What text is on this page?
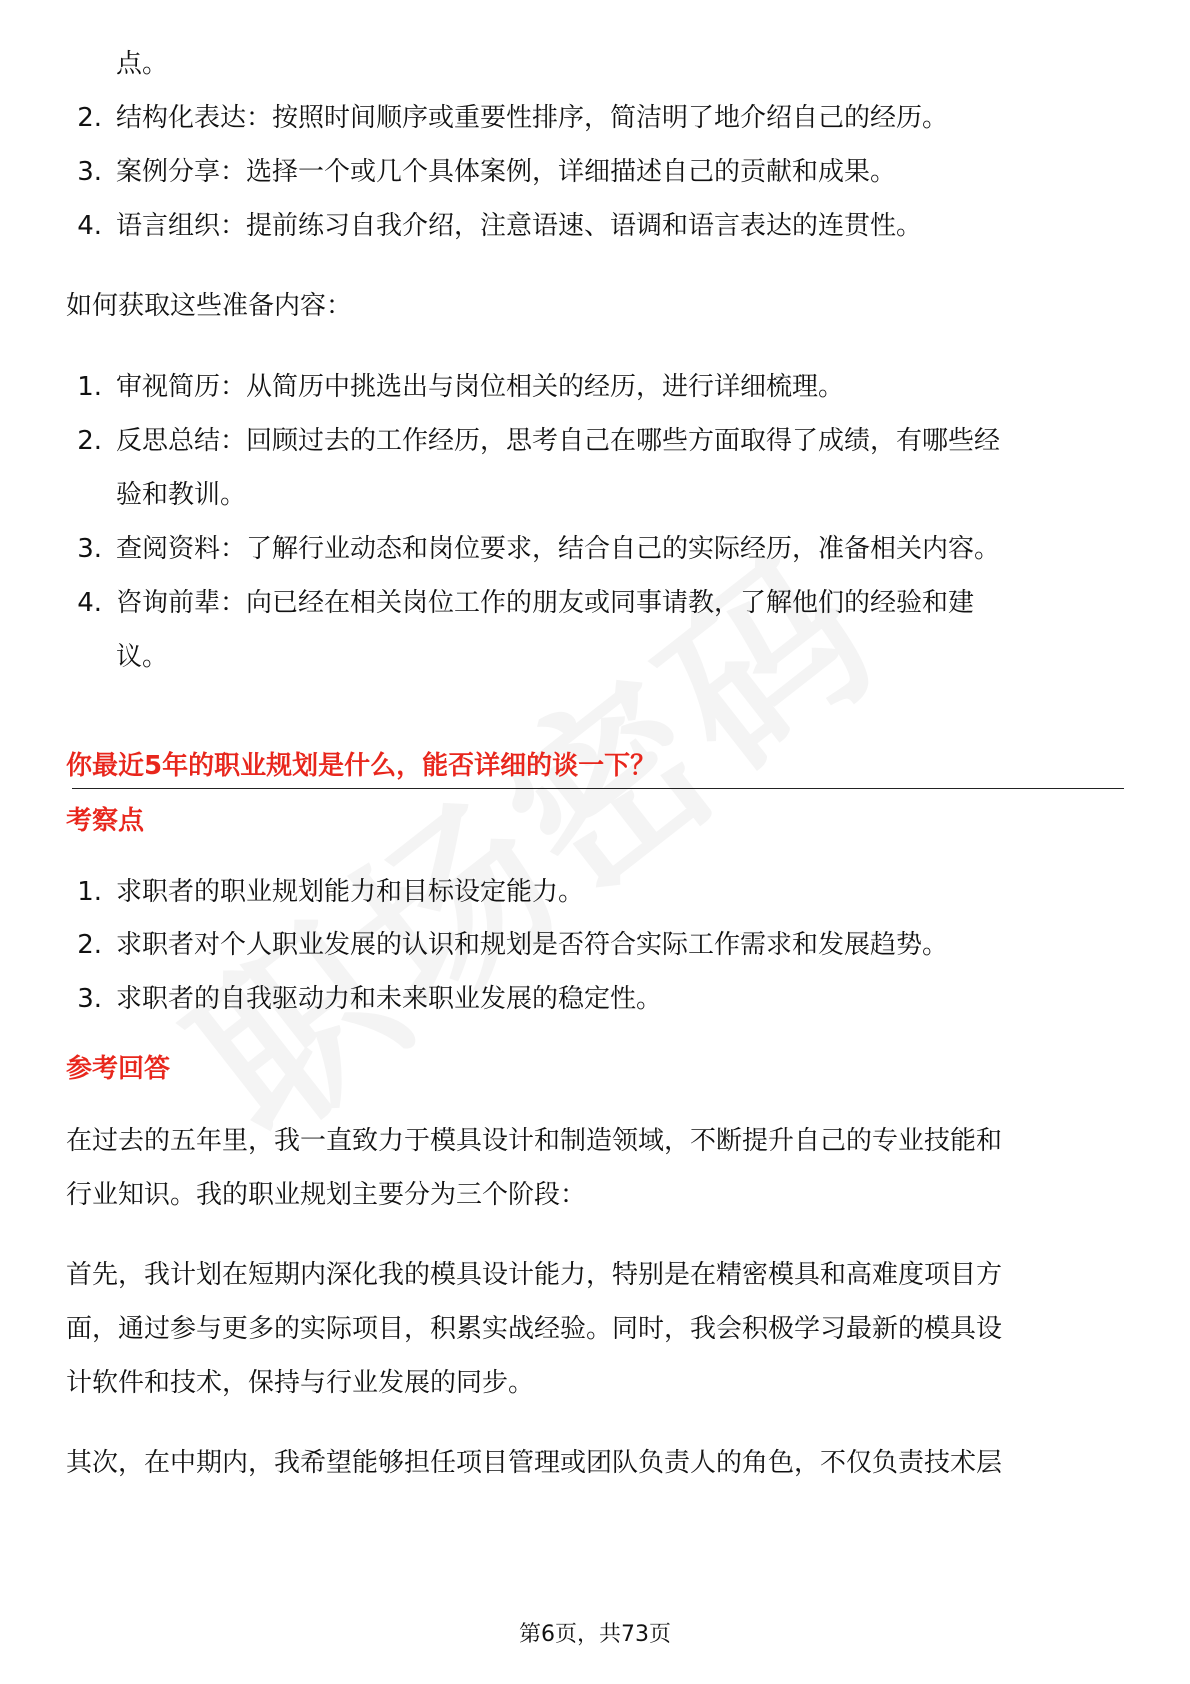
点。
2. 结构化表达：按照时间顺序或重要性排序，简洁明了地介绍自己的经历。
3. 案例分享：选择一个或几个具体案例，详细描述自己的贡献和成果。
4. 语言组织：提前练习自我介绍，注意语速、语调和语言表达的连贯性。
如何获取这些准备内容：
1. 审视简历：从简历中挑选出与岗位相关的经历，进行详细梳理。
2. 反思总结：回顾过去的工作经历，思考自己在哪些方面取得了成绩，有哪些经
验和教训。
3. 查阅资料：了解行业动态和岗位要求，结合自己的实际经历，准备相关内容。
4. 咨询前辈：向已经在相关岗位工作的朋友或同事请教，了解他们的经验和建
议。
你最近5年的职业规划是什么，能否详细的谈一下？
考察点
1. 求职者的职业规划能力和目标设定能力。
2. 求职者对个人职业发展的认识和规划是否符合实际工作需求和发展趋势。
3. 求职者的自我驱动力和未来职业发展的稳定性。
参考回答
在过去的五年里，我一直致力于模具设计和制造领域，不断提升自己的专业技能和
行业知识。我的职业规划主要分为三个阶段：
首先，我计划在短期内深化我的模具设计能力，特别是在精密模具和高难度项目方
面，通过参与更多的实际项目，积累实战经验。同时，我会积极学习最新的模具设
计软件和技术，保持与行业发展的同步。
其次，在中期内，我希望能够担任项目管理或团队负责人的角色，不仅负责技术层
第6页，共73页
